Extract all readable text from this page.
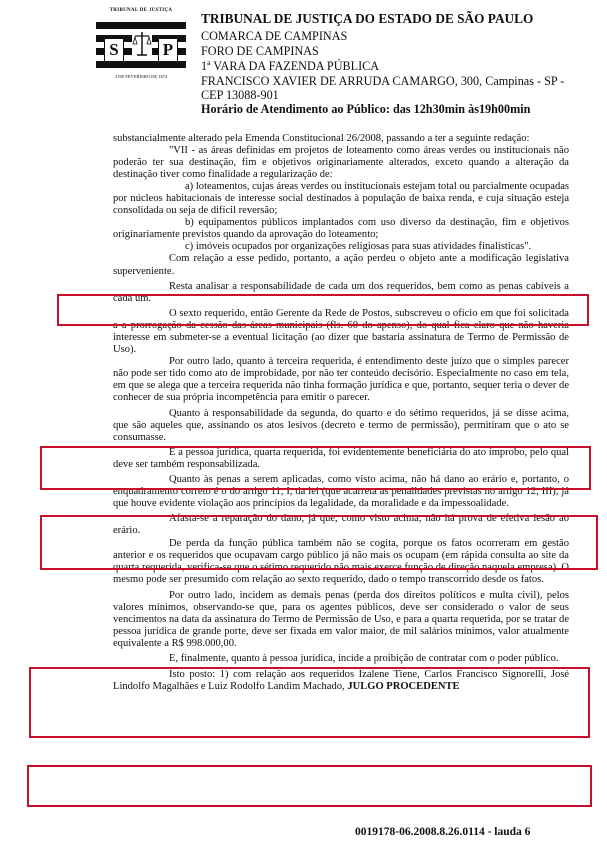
TRIBUNAL DE JUSTIÇA
S	P
3 DE FEVEREIRO DE 1874
TRIBUNAL DE JUSTIÇA DO ESTADO DE SÃO PAULO
COMARCA DE CAMPINAS
FORO DE CAMPINAS
1ª VARA DA FAZENDA PÚBLICA
FRANCISCO XAVIER DE ARRUDA CAMARGO, 300, Campinas - SP -
CEP 13088-901
Horário de Atendimento ao Público: das 12h30min às19h00min

substancialmente alterado pela Emenda Constitucional 26/2008, passando a ter a seguinte redação:

"VII - as áreas definidas em projetos de loteamento como áreas verdes ou institucionais não poderão ter sua destinação, fim e objetivos originariamente alterados, exceto quando a alteração da destinação tiver como finalidade a regularização de:

a) loteamentos, cujas áreas verdes ou institucionais estejam total ou parcialmente ocupadas por núcleos habitacionais de interesse social destinados à população de baixa renda, e cuja situação esteja consolidada ou seja de difícil reversão;

b) equipamentos públicos implantados com uso diverso da destinação, fim e objetivos originariamente previstos quando da aprovação do loteamento;

c) imóveis ocupados por organizações religiosas para suas atividades finalísticas".

Com relação a esse pedido, portanto, a ação perdeu o objeto ante a modificação legislativa superveniente.

Resta analisar a responsabilidade de cada um dos requeridos, bem como as penas cabíveis a cada um.

O sexto requerido, então Gerente da Rede de Postos, subscreveu o ofício em que foi solicitada a a prorrogação da cessão das áreas municipais (fls. 60 do apenso), do qual fica claro que não haveria interesse em submeter-se a eventual licitação (ao dizer que bastaria assinatura de Termo de Permissão de Uso).

Por outro lado, quanto à terceira requerida, é entendimento deste juízo que o simples parecer não pode ser tido como ato de improbidade, por não ter conteúdo decisório. Especialmente no caso em tela, em que se alega que a terceira requerida não tinha formação jurídica e que, portanto, sequer teria o dever de conhecer de sua própria incompetência para emitir o parecer.

Quanto à responsabilidade da segunda, do quarto e do sétimo requeridos, já se disse acima, que são aqueles que, assinando os atos lesivos (decreto e termo de permissão), permitiram que o ato se consumasse.

E a pessoa jurídica, quarta requerida, foi evidentemente beneficiária do ato ímprobo, pelo qual deve ser também responsabilizada.

Quanto às penas a serem aplicadas, como visto acima, não há dano ao erário e, portanto, o enquadramento correto é o do artigo 11, I, da lei (que acarreta as penalidades previstas no artigo 12, III), já que houve evidente violação aos princípios da legalidade, da moralidade e da impessoalidade.

Afasta-se a reparação do dano, já que, como visto acima, não há prova de efetiva lesão ao erário.

De perda da função pública também não se cogita, porque os fatos ocorreram em gestão anterior e os requeridos que ocupavam cargo público já não mais os ocupam (em rápida consulta ao site da quarta requerida, verifica-se que o sétimo requerido não mais exerce função de direção naquela empresa). O mesmo pode ser presumido com relação ao sexto requerido, dado o tempo transcorrido desde os fatos.

Por outro lado, incidem as demais penas (perda dos direitos políticos e multa civil), pelos valores mínimos, observando-se que, para os agentes públicos, deve ser considerado o valor de seus vencimentos na data da assinatura do Termo de Permissão de Uso, e para a quarta requerida, por se tratar de pessoa jurídica de grande porte, deve ser fixada em valor maior, de mil salários mínimos, valor atualmente equivalente a R$ 998.000,00.

E, finalmente, quanto à pessoa jurídica, incide a proibição de contratar com o poder público.

Isto posto: 1) com relação aos requeridos Izalene Tiene, Carlos Francisco Signorelli, José Lindolfo Magalhães e Luiz Rodolfo Landim Machado, JULGO PROCEDENTE

0019178-06.2008.8.26.0114 - lauda 6
